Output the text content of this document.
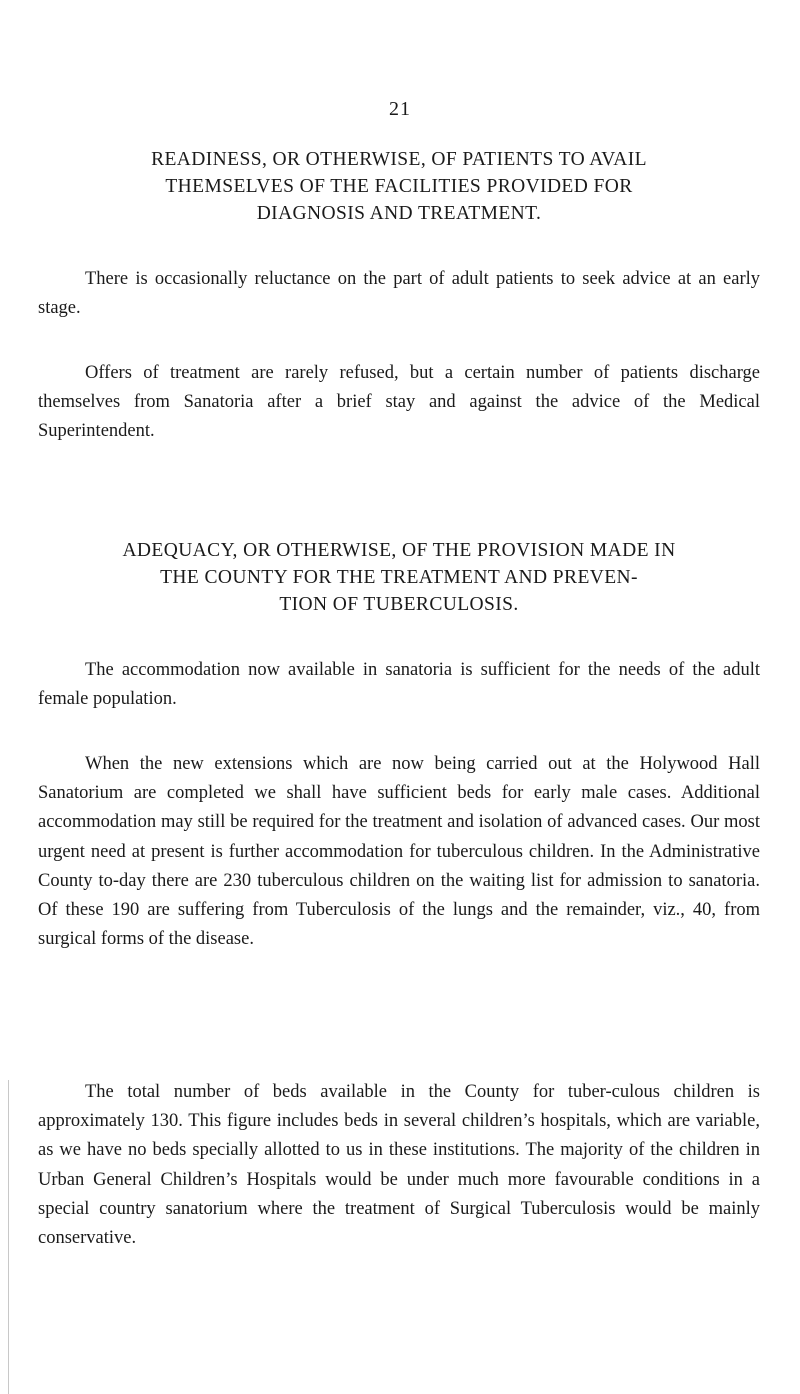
21
READINESS, OR OTHERWISE, OF PATIENTS TO AVAIL
THEMSELVES OF THE FACILITIES PROVIDED FOR
DIAGNOSIS AND TREATMENT.

There is occasionally reluctance on the part of adult patients to seek advice at an early stage.

Offers of treatment are rarely refused, but a certain number of patients discharge themselves from Sanatoria after a brief stay and against the advice of the Medical Superintendent.

ADEQUACY, OR OTHERWISE, OF THE PROVISION MADE IN
THE COUNTY FOR THE TREATMENT AND PREVEN-
TION OF TUBERCULOSIS.

The accommodation now available in sanatoria is sufficient for the needs of the adult female population.

When the new extensions which are now being carried out at the Holywood Hall Sanatorium are completed we shall have sufficient beds for early male cases. Additional accommodation may still be required for the treatment and isolation of advanced cases. Our most urgent need at present is further accommodation for tuberculous children. In the Administrative County to-day there are 230 tuberculous children on the waiting list for admission to sanatoria. Of these 190 are suffering from Tuberculosis of the lungs and the remainder, viz., 40, from surgical forms of the disease.

The total number of beds available in the County for tuber-culous children is approximately 130. This figure includes beds in several children’s hospitals, which are variable, as we have no beds specially allotted to us in these institutions. The majority of the children in Urban General Children’s Hospitals would be under much more favourable conditions in a special country sanatorium where the treatment of Surgical Tuberculosis would be mainly conservative.
